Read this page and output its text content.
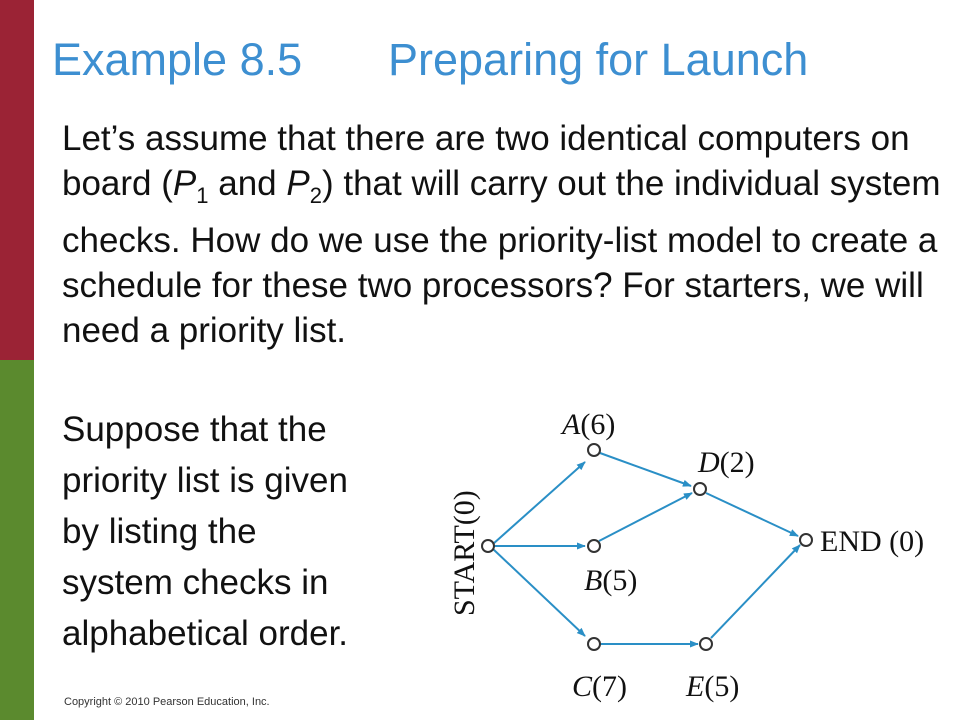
Example 8.5 Preparing for Launch
Let’s assume that there are two identical computers on board ($P_1$ and $P_2$) that will carry out the individual system checks. How do we use the priority-list model to create a schedule for these two processors? For starters, we will need a priority list.
Suppose that the
priority list is given
by listing the
system checks in
alphabetical order.
START(0)
A(6)
D(2)
END (0)
B(5)
C(7) E(5)
Copyright © 2010 Pearson Education, Inc.
